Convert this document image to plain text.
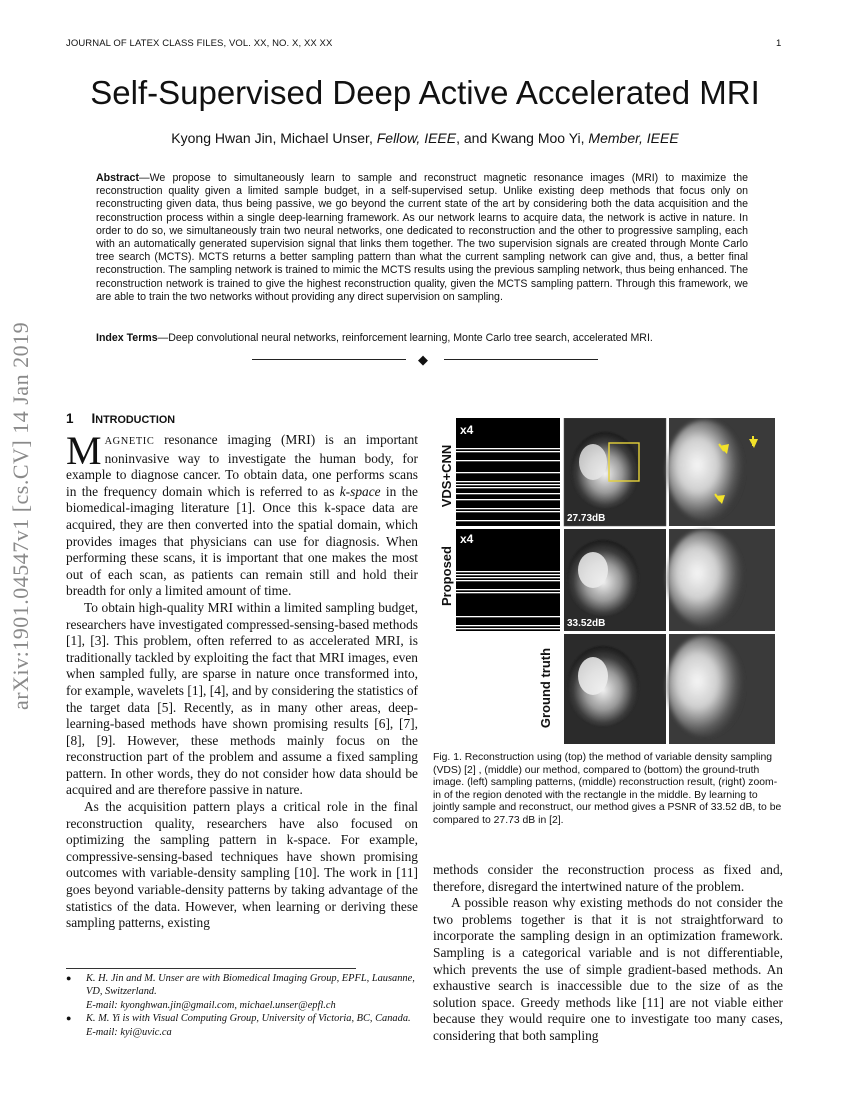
JOURNAL OF LATEX CLASS FILES, VOL. XX, NO. X, XX XX	1
arXiv:1901.04547v1 [cs.CV] 14 Jan 2019
Self-Supervised Deep Active Accelerated MRI
Kyong Hwan Jin, Michael Unser, Fellow, IEEE, and Kwang Moo Yi, Member, IEEE
Abstract—We propose to simultaneously learn to sample and reconstruct magnetic resonance images (MRI) to maximize the reconstruction quality given a limited sample budget, in a self-supervised setup. Unlike existing deep methods that focus only on reconstructing given data, thus being passive, we go beyond the current state of the art by considering both the data acquisition and the reconstruction process within a single deep-learning framework. As our network learns to acquire data, the network is active in nature. In order to do so, we simultaneously train two neural networks, one dedicated to reconstruction and the other to progressive sampling, each with an automatically generated supervision signal that links them together. The two supervision signals are created through Monte Carlo tree search (MCTS). MCTS returns a better sampling pattern than what the current sampling network can give and, thus, a better final reconstruction. The sampling network is trained to mimic the MCTS results using the previous sampling network, thus being enhanced. The reconstruction network is trained to give the highest reconstruction quality, given the MCTS sampling pattern. Through this framework, we are able to train the two networks without providing any direct supervision on sampling.
Index Terms—Deep convolutional neural networks, reinforcement learning, Monte Carlo tree search, accelerated MRI.
◆
1 INTRODUCTION

MAGNETIC resonance imaging (MRI) is an important noninvasive way to investigate the human body, for example to diagnose cancer. To obtain data, one performs scans in the frequency domain which is referred to as k-space in the biomedical-imaging literature [1]. Once this k-space data are acquired, they are then converted into the spatial domain, which provides images that physicians can use for diagnosis. When performing these scans, it is important that one makes the most out of each scan, as patients can remain still and hold their breadth for only a limited amount of time.

To obtain high-quality MRI within a limited sampling budget, researchers have investigated compressed-sensing-based methods [1], [3]. This problem, often referred to as accelerated MRI, is traditionally tackled by exploiting the fact that MRI images, even when sampled fully, are sparse in nature once transformed into, for example, wavelets [1], [4], and by considering the statistics of the target data [5]. Recently, as in many other areas, deep-learning-based methods have shown promising results [6], [7], [8], [9]. However, these methods mainly focus on the reconstruction part of the problem and assume a fixed sampling pattern. In other words, they do not consider how data should be acquired and are therefore passive in nature.

As the acquisition pattern plays a critical role in the final reconstruction quality, researchers have also focused on optimizing the sampling pattern in k-space. For example, compressive-sensing-based techniques have shown promising outcomes with variable-density sampling [10]. The work in [11] goes beyond variable-density patterns by taking advantage of the statistics of the data. However, when learning or deriving these sampling patterns, existing

● K. H. Jin and M. Unser are with Biomedical Imaging Group, EPFL, Lausanne, VD, Switzerland.
E-mail: kyonghwan.jin@gmail.com, michael.unser@epfl.ch
● K. M. Yi is with Visual Computing Group, University of Victoria, BC, Canada. E-mail: kyi@uvic.ca
VDS+CNN
Proposed
Ground truth
x4
x4
27.73dB
33.52dB
Fig. 1. Reconstruction using (top) the method of variable density sampling (VDS) [2] , (middle) our method, compared to (bottom) the ground-truth image. (left) sampling patterns, (middle) reconstruction result, (right) zoom-in of the region denoted with the rectangle in the middle. By learning to jointly sample and reconstruct, our method gives a PSNR of 33.52 dB, to be compared to 27.73 dB in [2].

methods consider the reconstruction process as fixed and, therefore, disregard the intertwined nature of the problem.

A possible reason why existing methods do not consider the two problems together is that it is not straightforward to incorporate the sampling design in an optimization framework. Sampling is a categorical variable and is not differentiable, which prevents the use of simple gradient-based methods. An exhaustive search is inaccessible due to the size of as the solution space. Greedy methods like [11] are not viable either because they would require one to investigate too many cases, considering that both sampling
